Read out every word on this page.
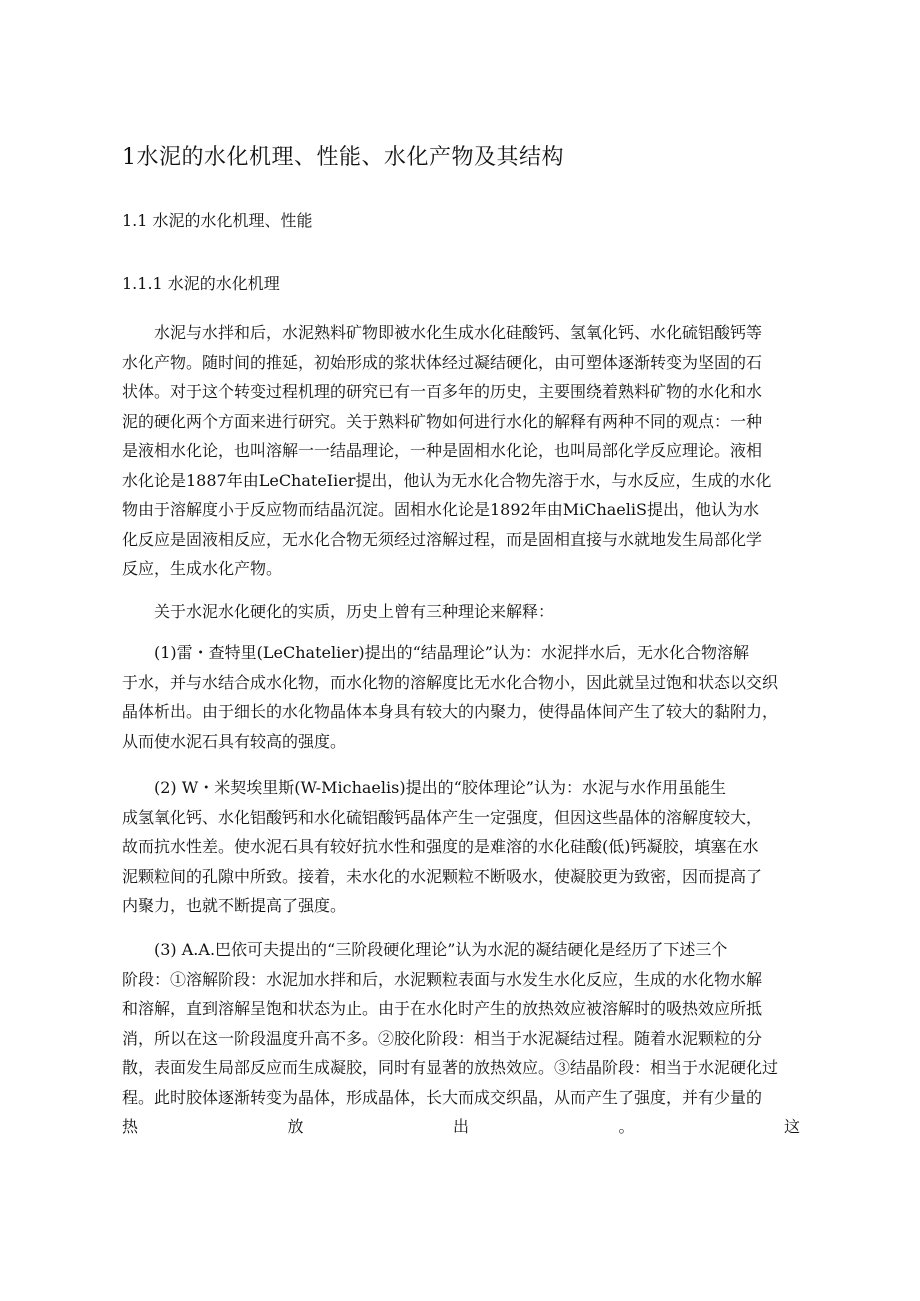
1水泥的水化机理、性能、水化产物及其结构
1.1 水泥的水化机理、性能
1.1.1 水泥的水化机理
　　水泥与水拌和后，水泥熟料矿物即被水化生成水化硅酸钙、氢氧化钙、水化硫铝酸钙等
水化产物。随时间的推延，初始形成的浆状体经过凝结硬化，由可塑体逐渐转变为坚固的石
状体。对于这个转变过程机理的研究已有一百多年的历史，主要围绕着熟料矿物的水化和水
泥的硬化两个方面来进行研究。关于熟料矿物如何进行水化的解释有两种不同的观点：一种
是液相水化论，也叫溶解一一结晶理论，一种是固相水化论，也叫局部化学反应理论。液相
水化论是1887年由LeChateIier提出，他认为无水化合物先溶于水，与水反应，生成的水化
物由于溶解度小于反应物而结晶沉淀。固相水化论是1892年由MiChaeliS提出，他认为水
化反应是固液相反应，无水化合物无须经过溶解过程，而是固相直接与水就地发生局部化学
反应，生成水化产物。
　　关于水泥水化硬化的实质，历史上曾有三种理论来解释：
　　(1)雷・查特里(LeChatelier)提出的“结晶理论”认为：水泥拌水后，无水化合物溶解
于水，并与水结合成水化物，而水化物的溶解度比无水化合物小，因此就呈过饱和状态以交织
晶体析出。由于细长的水化物晶体本身具有较大的内聚力，使得晶体间产生了较大的黏附力，
从而使水泥石具有较高的强度。
　　(2) W・米契埃里斯(W-Michaelis)提出的“胶体理论”认为：水泥与水作用虽能生
成氢氧化钙、水化铝酸钙和水化硫铝酸钙晶体产生一定强度，但因这些晶体的溶解度较大，
故而抗水性差。使水泥石具有较好抗水性和强度的是难溶的水化硅酸(低)钙凝胶，填塞在水
泥颗粒间的孔隙中所致。接着，未水化的水泥颗粒不断吸水，使凝胶更为致密，因而提高了
内聚力，也就不断提高了强度。
　　(3) A.A.巴依可夫提出的“三阶段硬化理论”认为水泥的凝结硬化是经历了下述三个
阶段：①溶解阶段：水泥加水拌和后，水泥颗粒表面与水发生水化反应，生成的水化物水解
和溶解，直到溶解呈饱和状态为止。由于在水化时产生的放热效应被溶解时的吸热效应所抵
消，所以在这一阶段温度升高不多。②胶化阶段：相当于水泥凝结过程。随着水泥颗粒的分
散，表面发生局部反应而生成凝胶，同时有显著的放热效应。③结晶阶段：相当于水泥硬化过
程。此时胶体逐渐转变为晶体，形成晶体，长大而成交织晶，从而产生了强度，并有少量的
热	放	出	。	这
